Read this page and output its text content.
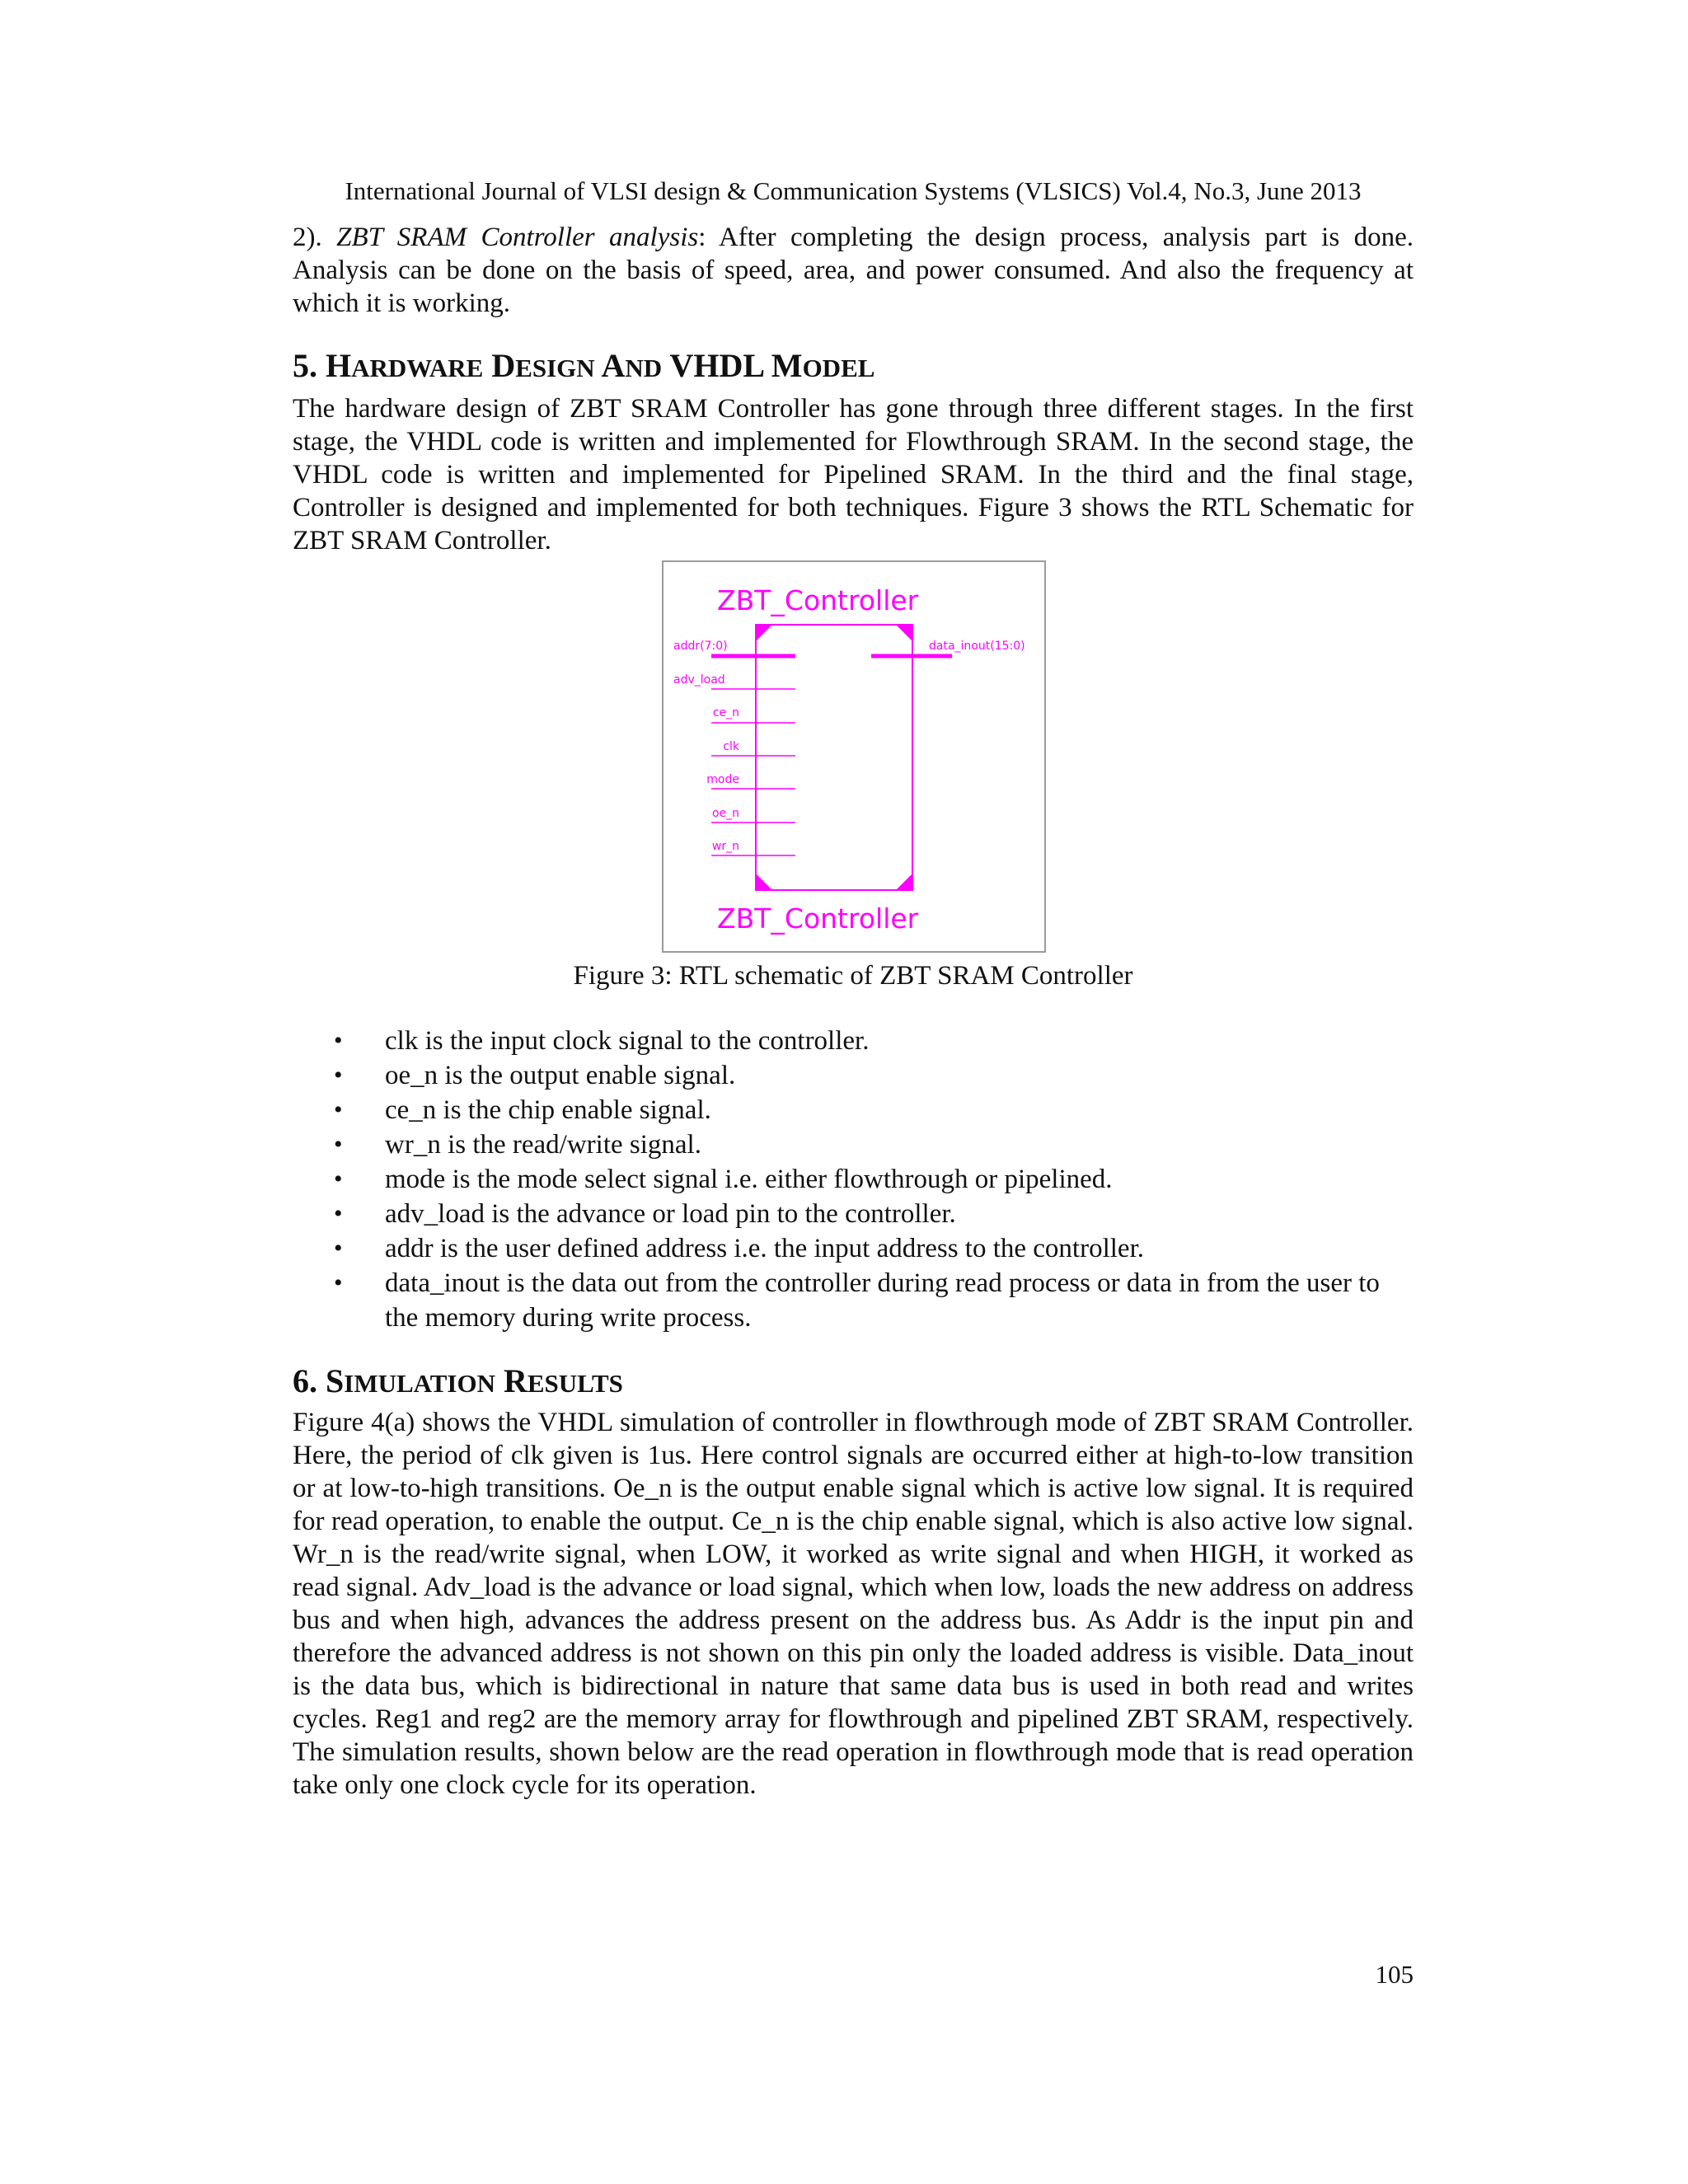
International Journal of VLSI design & Communication Systems (VLSICS) Vol.4, No.3, June 2013

2). ZBT SRAM Controller analysis: After completing the design process, analysis part is done. Analysis can be done on the basis of speed, area, and power consumed. And also the frequency at which it is working.

5. HARDWARE DESIGN AND VHDL MODEL

The hardware design of ZBT SRAM Controller has gone through three different stages. In the first stage, the VHDL code is written and implemented for Flowthrough SRAM. In the second stage, the VHDL code is written and implemented for Pipelined SRAM. In the third and the final stage, Controller is designed and implemented for both techniques. Figure 3 shows the RTL Schematic for ZBT SRAM Controller.

ZBT_Controller
addr(7:0)
adv_load
ce_n
clk
mode
oe_n
wr_n
data_inout(15:0)
ZBT_Controller
Figure 3: RTL schematic of ZBT SRAM Controller
• clk is the input clock signal to the controller.
• oe_n is the output enable signal.
• ce_n is the chip enable signal.
• wr_n is the read/write signal.
• mode is the mode select signal i.e. either flowthrough or pipelined.
• adv_load is the advance or load pin to the controller.
• addr is the user defined address i.e. the input address to the controller.
• data_inout is the data out from the controller during read process or data in from the user to the memory during write process.
6. SIMULATION RESULTS

Figure 4(a) shows the VHDL simulation of controller in flowthrough mode of ZBT SRAM Controller. Here, the period of clk given is 1us. Here control signals are occurred either at high-to-low transition or at low-to-high transitions. Oe_n is the output enable signal which is active low signal. It is required for read operation, to enable the output. Ce_n is the chip enable signal, which is also active low signal. Wr_n is the read/write signal, when LOW, it worked as write signal and when HIGH, it worked as read signal. Adv_load is the advance or load signal, which when low, loads the new address on address bus and when high, advances the address present on the address bus. As Addr is the input pin and therefore the advanced address is not shown on this pin only the loaded address is visible. Data_inout is the data bus, which is bidirectional in nature that same data bus is used in both read and writes cycles. Reg1 and reg2 are the memory array for flowthrough and pipelined ZBT SRAM, respectively. The simulation results, shown below are the read operation in flowthrough mode that is read operation take only one clock cycle for its operation.

105
